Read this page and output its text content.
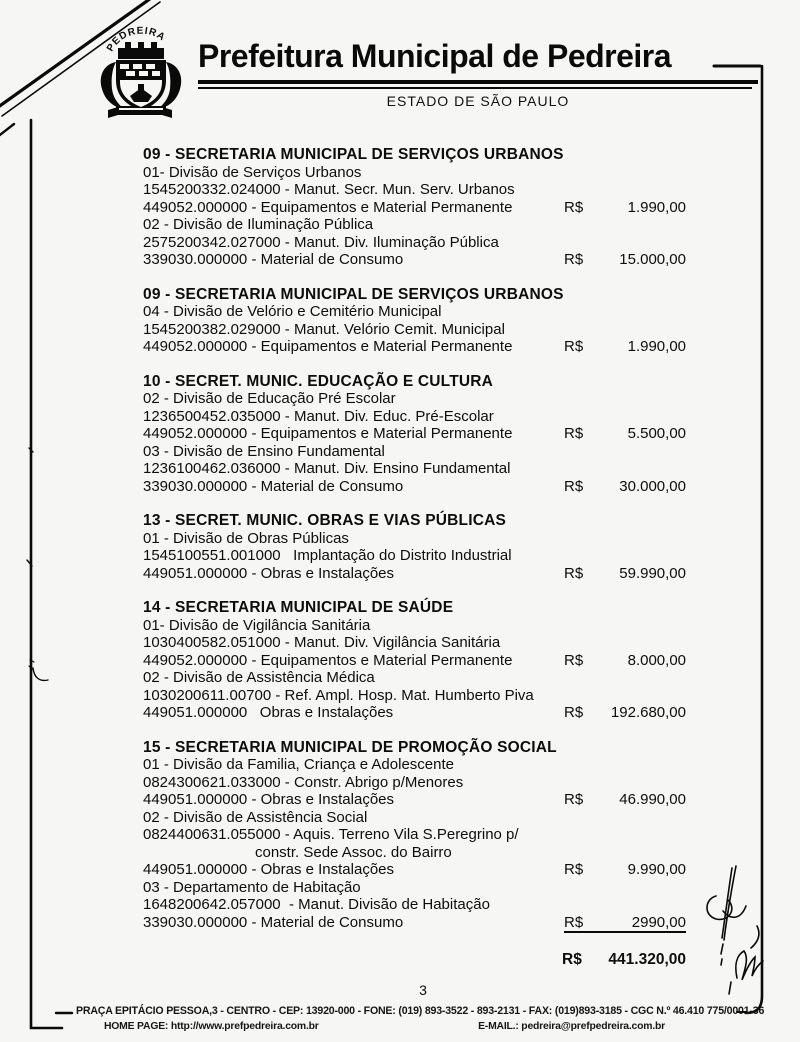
PEDREIRA
Prefeitura Municipal de Pedreira
ESTADO DE SÃO PAULO
09 - SECRETARIA MUNICIPAL DE SERVIÇOS URBANOS
01- Divisão de Serviços Urbanos
1545200332.024000 - Manut. Secr. Mun. Serv. Urbanos
449052.000000 - Equipamentos e Material Permanente	R$	1.990,00
02 - Divisão de Iluminação Pública
2575200342.027000 - Manut. Div. Iluminação Pública
339030.000000 - Material de Consumo	R$ 15.000,00
09 - SECRETARIA MUNICIPAL DE SERVIÇOS URBANOS
04 - Divisão de Velório e Cemitério Municipal
1545200382.029000 - Manut. Velório Cemit. Municipal
449052.000000 - Equipamentos e Material Permanente	R$	1.990,00
10 - SECRET. MUNIC. EDUCAÇÃO E CULTURA
02 - Divisão de Educação Pré Escolar
1236500452.035000 - Manut. Div. Educ. Pré-Escolar
449052.000000 - Equipamentos e Material Permanente	R$	5.500,00
03 - Divisão de Ensino Fundamental
1236100462.036000 - Manut. Div. Ensino Fundamental
339030.000000 - Material de Consumo	R$ 30.000,00
13 - SECRET. MUNIC. OBRAS E VIAS PÚBLICAS
01 - Divisão de Obras Públicas
1545100551.001000   Implantação do Distrito Industrial
449051.000000 - Obras e Instalações	R$ 59.990,00
14 - SECRETARIA MUNICIPAL DE SAÚDE
01- Divisão de Vigilância Sanitária
1030400582.051000 - Manut. Div. Vigilância Sanitária
449052.000000 - Equipamentos e Material Permanente	R$	8.000,00
02 - Divisão de Assistência Médica
1030200611.00700 - Ref. Ampl. Hosp. Mat. Humberto Piva
449051.000000   Obras e Instalações	R$ 192.680,00
15 - SECRETARIA MUNICIPAL DE PROMOÇÃO SOCIAL
01 - Divisão da Familia, Criança e Adolescente
0824300621.033000 - Constr. Abrigo p/Menores
449051.000000 - Obras e Instalações	R$ 46.990,00
02 - Divisão de Assistência Social
0824400631.055000 - Aquis. Terreno Vila S.Peregrino p/
constr. Sede Assoc. do Bairro
449051.000000 - Obras e Instalações	R$	9.990,00
03 - Departamento de Habitação
1648200642.057000  - Manut. Divisão de Habitação
339030.000000 - Material de Consumo	R$	2990,00
R$ 441.320,00
3
PRAÇA EPITÁCIO PESSOA,3 - CENTRO - CEP: 13920-000 - FONE: (019) 893-3522 - 893-2131 - FAX: (019)893-3185 - CGC N.º 46.410 775/0001-36
HOME PAGE: http://www.prefpedreira.com.br	E-MAIL.: pedreira@prefpedreira.com.br
